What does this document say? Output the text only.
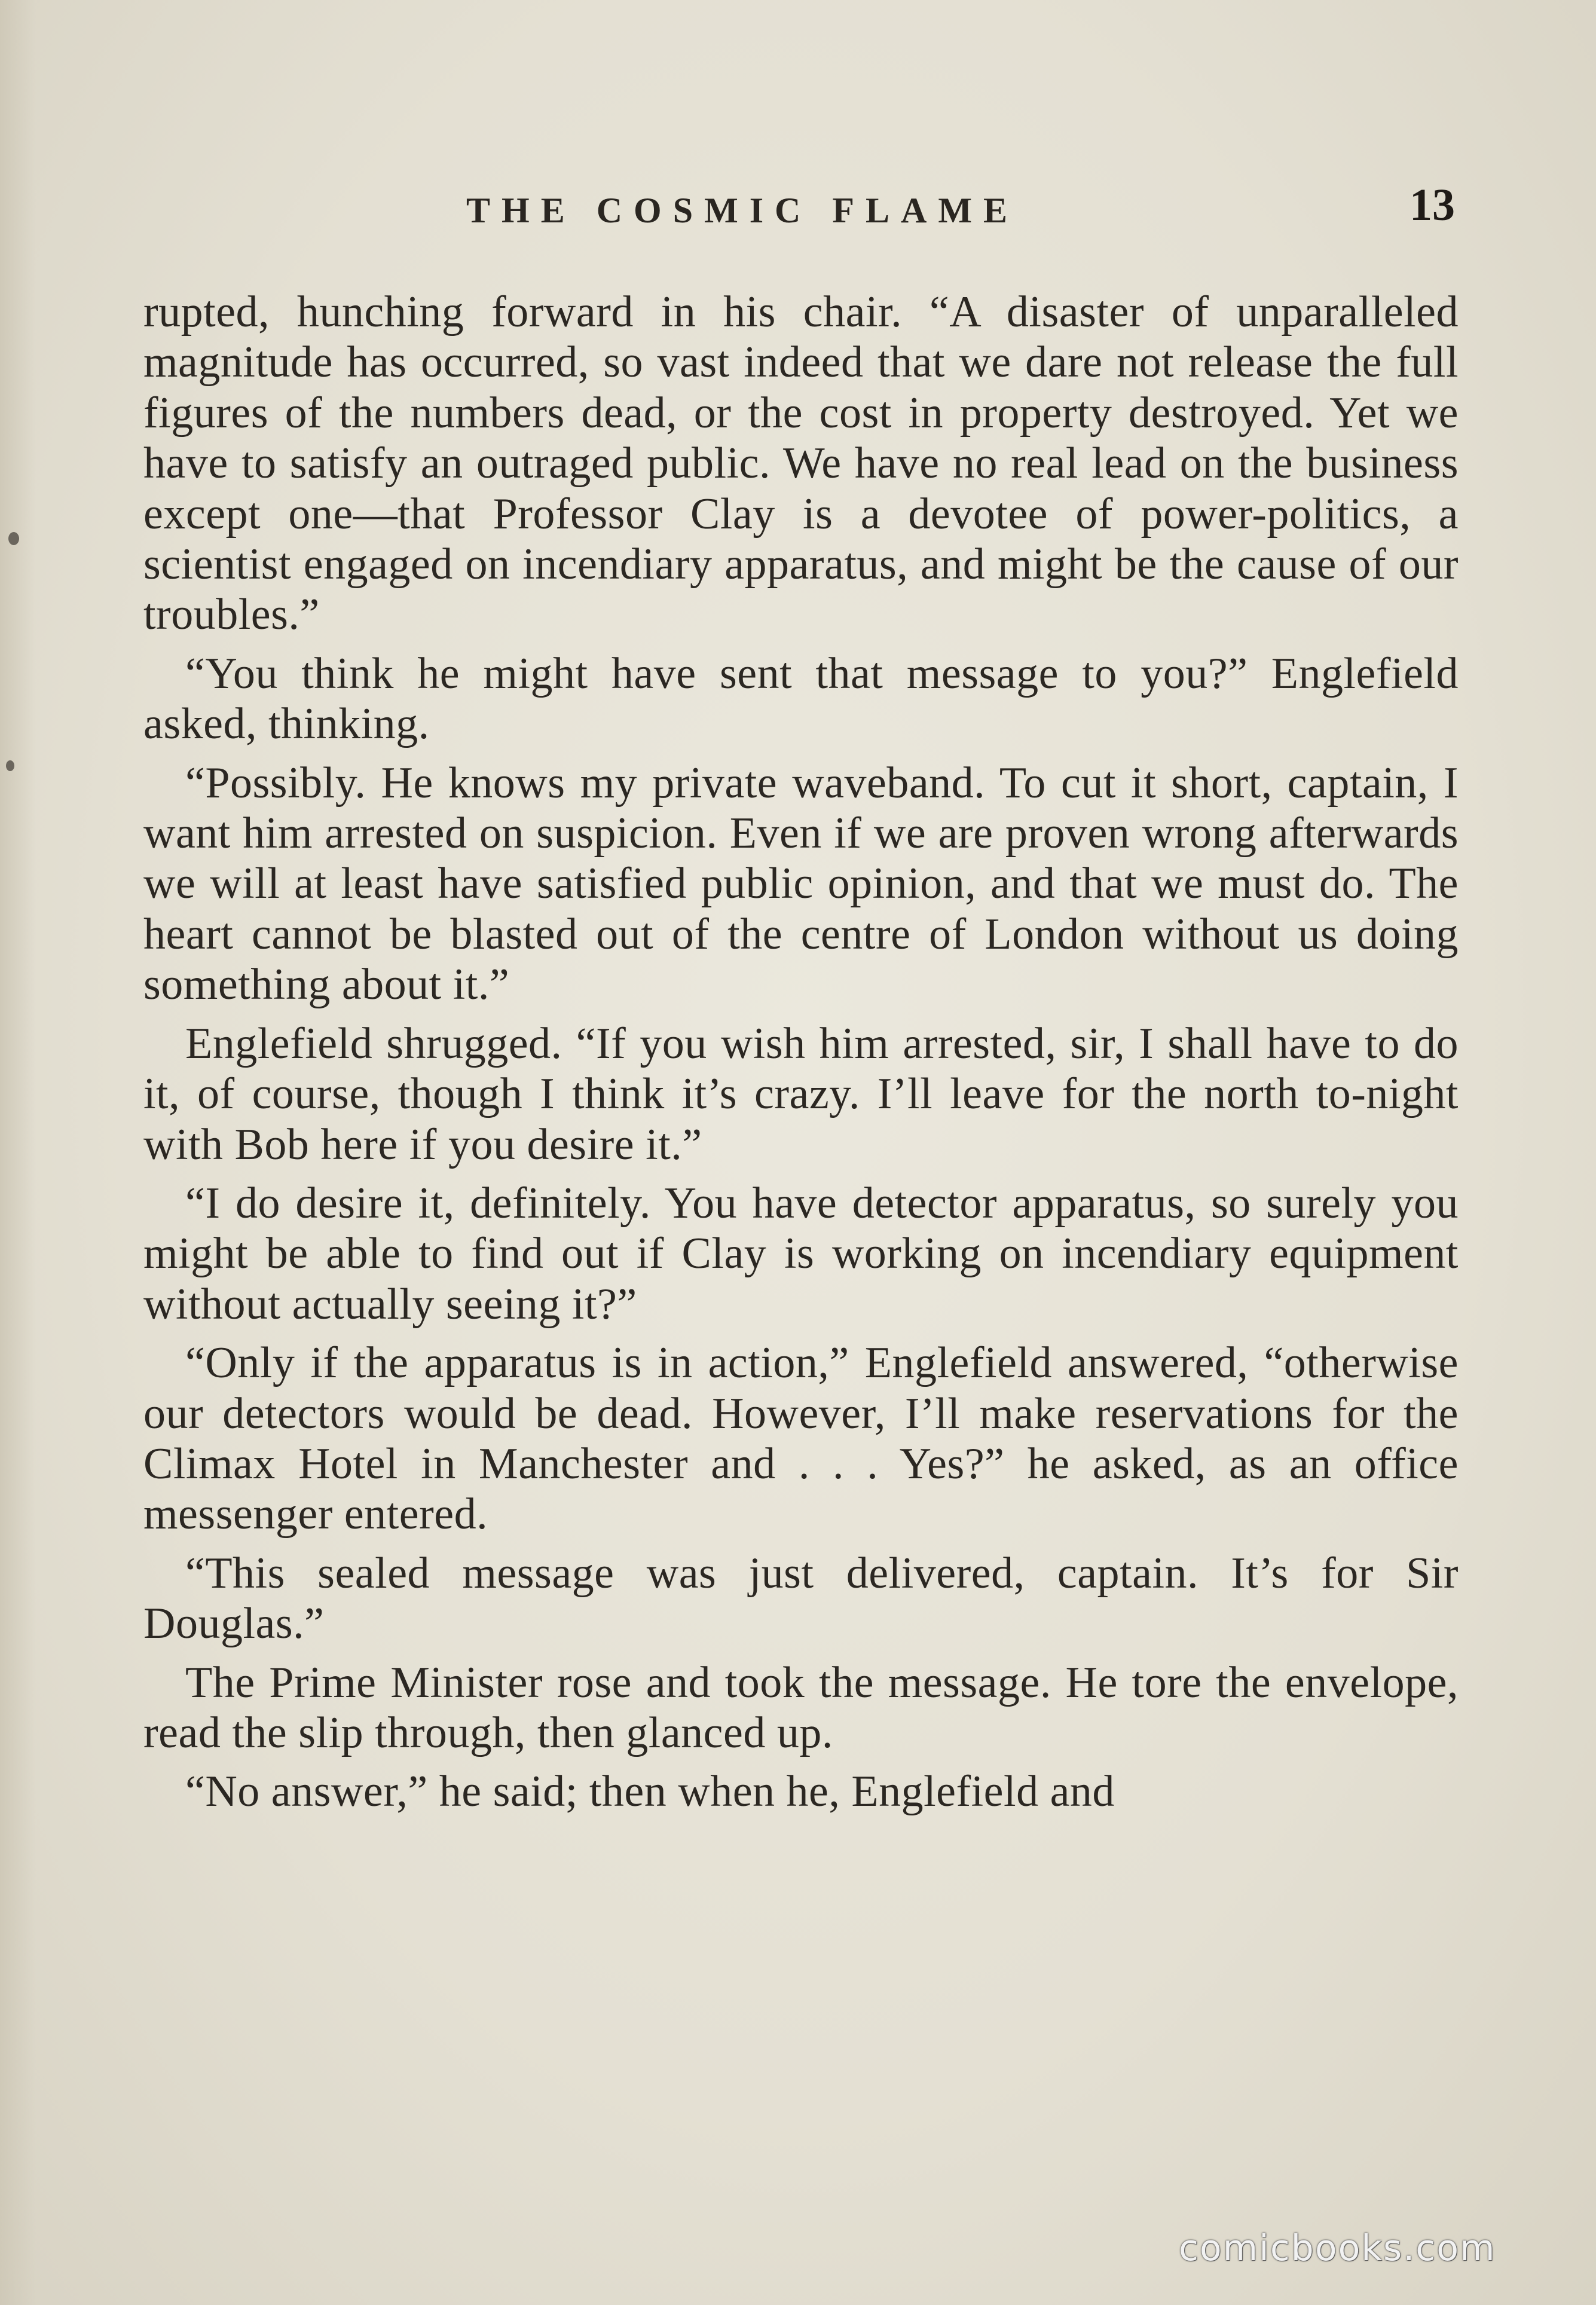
THE COSMIC FLAME	13

rupted, hunching forward in his chair. “A disaster of unparalleled magnitude has occurred, so vast indeed that we dare not release the full figures of the numbers dead, or the cost in property destroyed. Yet we have to satisfy an outraged public. We have no real lead on the business except one—that Professor Clay is a devotee of power-politics, a scientist engaged on incendiary apparatus, and might be the cause of our troubles.”

“You think he might have sent that message to you?” Englefield asked, thinking.

“Possibly. He knows my private waveband. To cut it short, captain, I want him arrested on suspicion. Even if we are proven wrong afterwards we will at least have satisfied public opinion, and that we must do. The heart cannot be blasted out of the centre of London without us doing something about it.”

Englefield shrugged. “If you wish him arrested, sir, I shall have to do it, of course, though I think it’s crazy. I’ll leave for the north to-night with Bob here if you desire it.”

“I do desire it, definitely. You have detector apparatus, so surely you might be able to find out if Clay is working on incendiary equipment without actually seeing it?”

“Only if the apparatus is in action,” Englefield answered, “otherwise our detectors would be dead. However, I’ll make reservations for the Climax Hotel in Manchester and . . . Yes?” he asked, as an office messenger entered.

“This sealed message was just delivered, captain. It’s for Sir Douglas.”

The Prime Minister rose and took the message. He tore the envelope, read the slip through, then glanced up.

“No answer,” he said; then when he, Englefield and

comicbooks.com
